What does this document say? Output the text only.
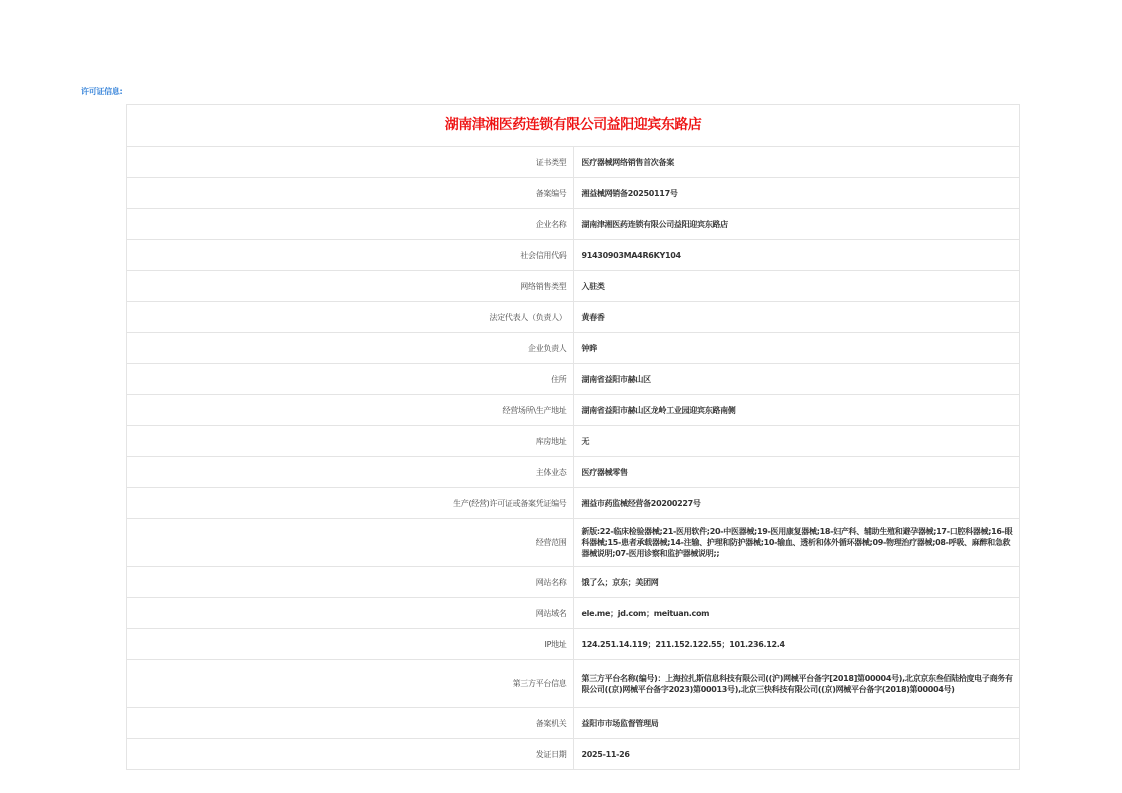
许可证信息:
湖南津湘医药连锁有限公司益阳迎宾东路店	
证书类型	医疗器械网络销售首次备案
备案编号	湘益械网销备20250117号
企业名称	湖南津湘医药连锁有限公司益阳迎宾东路店
社会信用代码	91430903MA4R6KY104
网络销售类型	入驻类
法定代表人（负责人）	黄春香
企业负责人	钟晔
住所	湖南省益阳市赫山区
经营场所\生产地址	湖南省益阳市赫山区龙岭工业园迎宾东路南侧
库房地址	无
主体业态	医疗器械零售
生产(经营)许可证或备案凭证编号	湘益市药监械经营备20200227号
经营范围	新版:22-临床检验器械;21-医用软件;20-中医器械;19-医用康复器械;18-妇产科、辅助生殖和避孕器械;17-口腔科器械;16-眼科器械;15-患者承载器械;14-注输、护理和防护器械;10-输血、透析和体外循环器械;09-物理治疗器械;08-呼吸、麻醉和急救器械说明;07-医用诊察和监护器械说明;;
网站名称	饿了么；京东；美团网
网站域名	ele.me；jd.com；meituan.com
IP地址	124.251.14.119；211.152.122.55；101.236.12.4
第三方平台信息	第三方平台名称(编号)：上海拉扎斯信息科技有限公司((沪)网械平台备字[2018]第00004号),北京京东叁佰陆拾度电子商务有限公司((京)网械平台备字2023)第00013号),北京三快科技有限公司((京)网械平台备字(2018)第00004号)
备案机关	益阳市市场监督管理局
发证日期	2025-11-26
